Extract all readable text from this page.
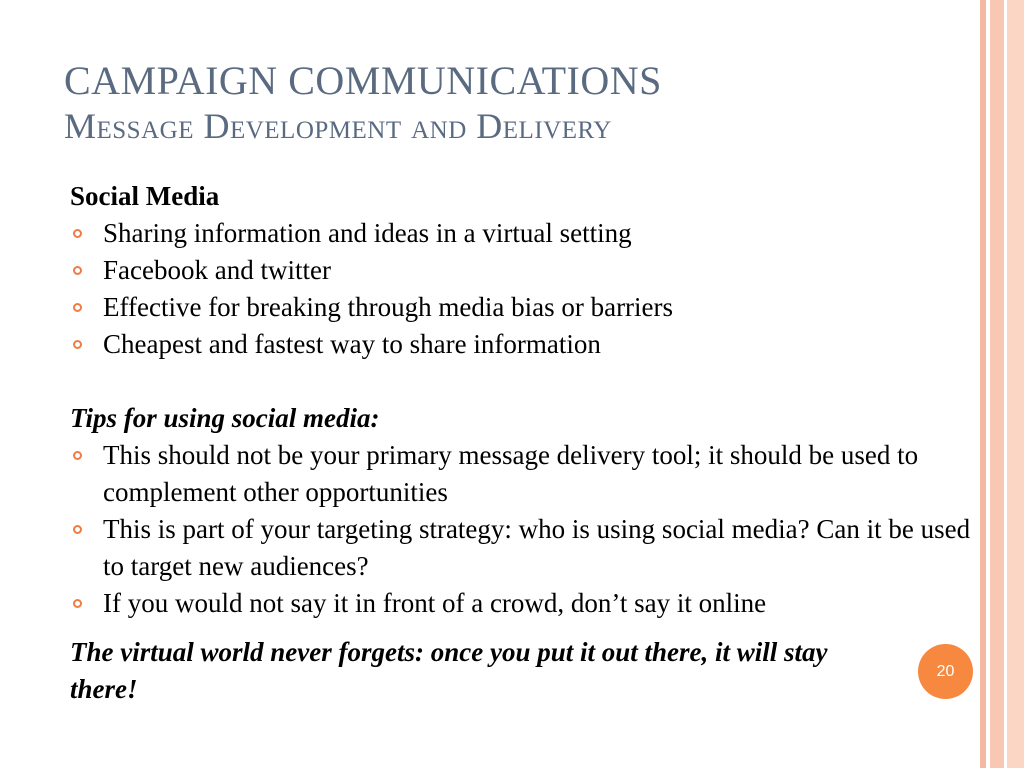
CAMPAIGN COMMUNICATIONS
Message Development and Delivery
Social Media
Sharing information and ideas in a virtual setting
Facebook and twitter
Effective for breaking through media bias or barriers
Cheapest and fastest way to share information
Tips for using social media:
This should not be your primary message delivery tool; it should be used to complement other opportunities
This is part of your targeting strategy: who is using social media? Can it be used to target new audiences?
If you would not say it in front of a crowd, don’t say it online
The virtual world never forgets: once you put it out there, it will stay there!
20
